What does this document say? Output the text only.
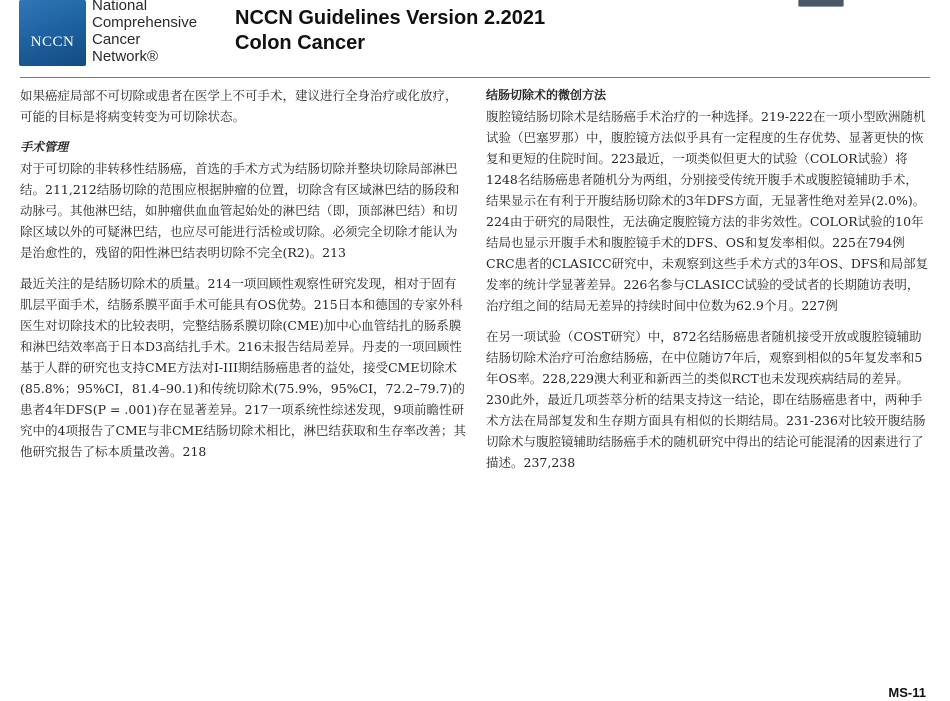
NCCN
National
Comprehensive
Cancer
Network®
NCCN Guidelines Version 2.2021
Colon Cancer

如果癌症局部不可切除或患者在医学上不可手术，建议进行全身治疗或化放疗，可能的目标是将病变转变为可切除状态。

手术管理

对于可切除的非转移性结肠癌，首选的手术方式为结肠切除并整块切除局部淋巴结。211,212结肠切除的范围应根据肿瘤的位置，切除含有区域淋巴结的肠段和动脉弓。其他淋巴结，如肿瘤供血血管起始处的淋巴结（即，顶部淋巴结）和切除区域以外的可疑淋巴结，也应尽可能进行活检或切除。必须完全切除才能认为是治愈性的，残留的阳性淋巴结表明切除不完全(R2)。213

最近关注的是结肠切除术的质量。214一项回顾性观察性研究发现，相对于固有肌层平面手术，结肠系膜平面手术可能具有OS优势。215日本和德国的专家外科医生对切除技术的比较表明，完整结肠系膜切除(CME)加中心血管结扎的肠系膜和淋巴结效率高于日本D3高结扎手术。216未报告结局差异。丹麦的一项回顾性基于人群的研究也支持CME方法对I-III期结肠癌患者的益处，接受CME切除术(85.8%；95%CI，81.4–90.1)和传统切除术(75.9%，95%CI，72.2–79.7)的患者4年DFS(P = .001)存在显著差异。217一项系统性综述发现，9项前瞻性研究中的4项报告了CME与非CME结肠切除术相比，淋巴结获取和生存率改善；其他研究报告了标本质量改善。218

结肠切除术的微创方法

腹腔镜结肠切除术是结肠癌手术治疗的一种选择。219-222在一项小型欧洲随机试验（巴塞罗那）中，腹腔镜方法似乎具有一定程度的生存优势、显著更快的恢复和更短的住院时间。223最近，一项类似但更大的试验（COLOR试验）将1248名结肠癌患者随机分为两组，分别接受传统开腹手术或腹腔镜辅助手术，结果显示在有利于开腹结肠切除术的3年DFS方面，无显著性绝对差异(2.0%)。224由于研究的局限性，无法确定腹腔镜方法的非劣效性。COLOR试验的10年结局也显示开腹手术和腹腔镜手术的DFS、OS和复发率相似。225在794例CRC患者的CLASICC研究中，未观察到这些手术方式的3年OS、DFS和局部复发率的统计学显著差异。226名参与CLASICC试验的受试者的长期随访表明，治疗组之间的结局无差异的持续时间中位数为62.9个月。227例

在另一项试验（COST研究）中，872名结肠癌患者随机接受开放或腹腔镜辅助结肠切除术治疗可治愈结肠癌，在中位随访7年后，观察到相似的5年复发率和5年OS率。228,229澳大利亚和新西兰的类似RCT也未发现疾病结局的差异。230此外，最近几项荟萃分析的结果支持这一结论，即在结肠癌患者中，两种手术方法在局部复发和生存期方面具有相似的长期结局。231-236对比较开腹结肠切除术与腹腔镜辅助结肠癌手术的随机研究中得出的结论可能混淆的因素进行了描述。237,238

MS-11
